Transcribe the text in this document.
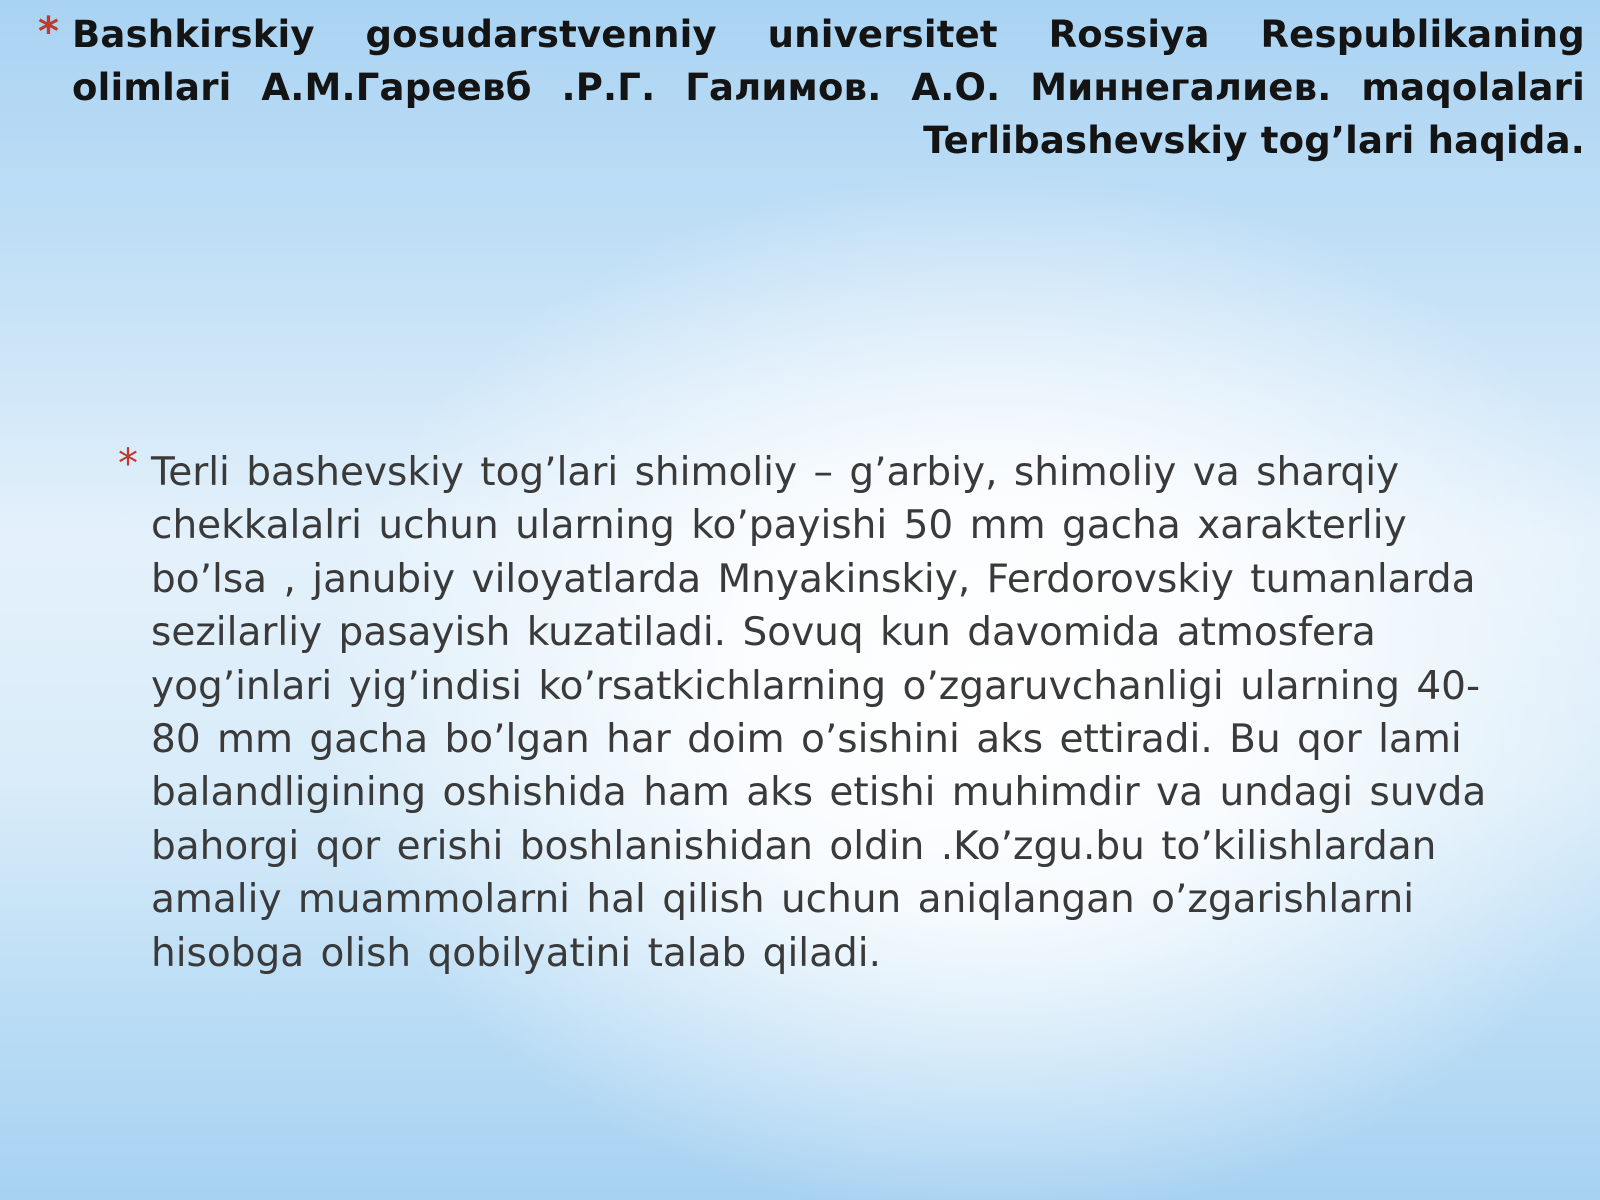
* Bashkirskiy gosudarstvenniy universitet Rossiya Respublikaning olimlari А.М.Гареевб .Р.Г. Галимов. А.О. Миннегалиев. maqolalari Terlibashevskiy tog’lari haqida.

* Terli bashevskiy tog’lari shimoliy – g’arbiy, shimoliy va sharqiy chekkalalri uchun ularning ko’payishi 50 mm gacha xarakterliy bo’lsa , janubiy viloyatlarda Mnyakinskiy, Ferdorovskiy tumanlarda sezilarliy pasayish kuzatiladi. Sovuq kun davomida atmosfera yog’inlari yig’indisi ko’rsatkichlarning o’zgaruvchanligi ularning 40-80 mm gacha bo’lgan har doim o’sishini aks ettiradi. Bu qor lami balandligining oshishida ham aks etishi muhimdir va undagi suvda bahorgi qor erishi boshlanishidan oldin .Ko’zgu.bu to’kilishlardan amaliy muammolarni hal qilish uchun aniqlangan o’zgarishlarni hisobga olish qobilyatini talab qiladi.
